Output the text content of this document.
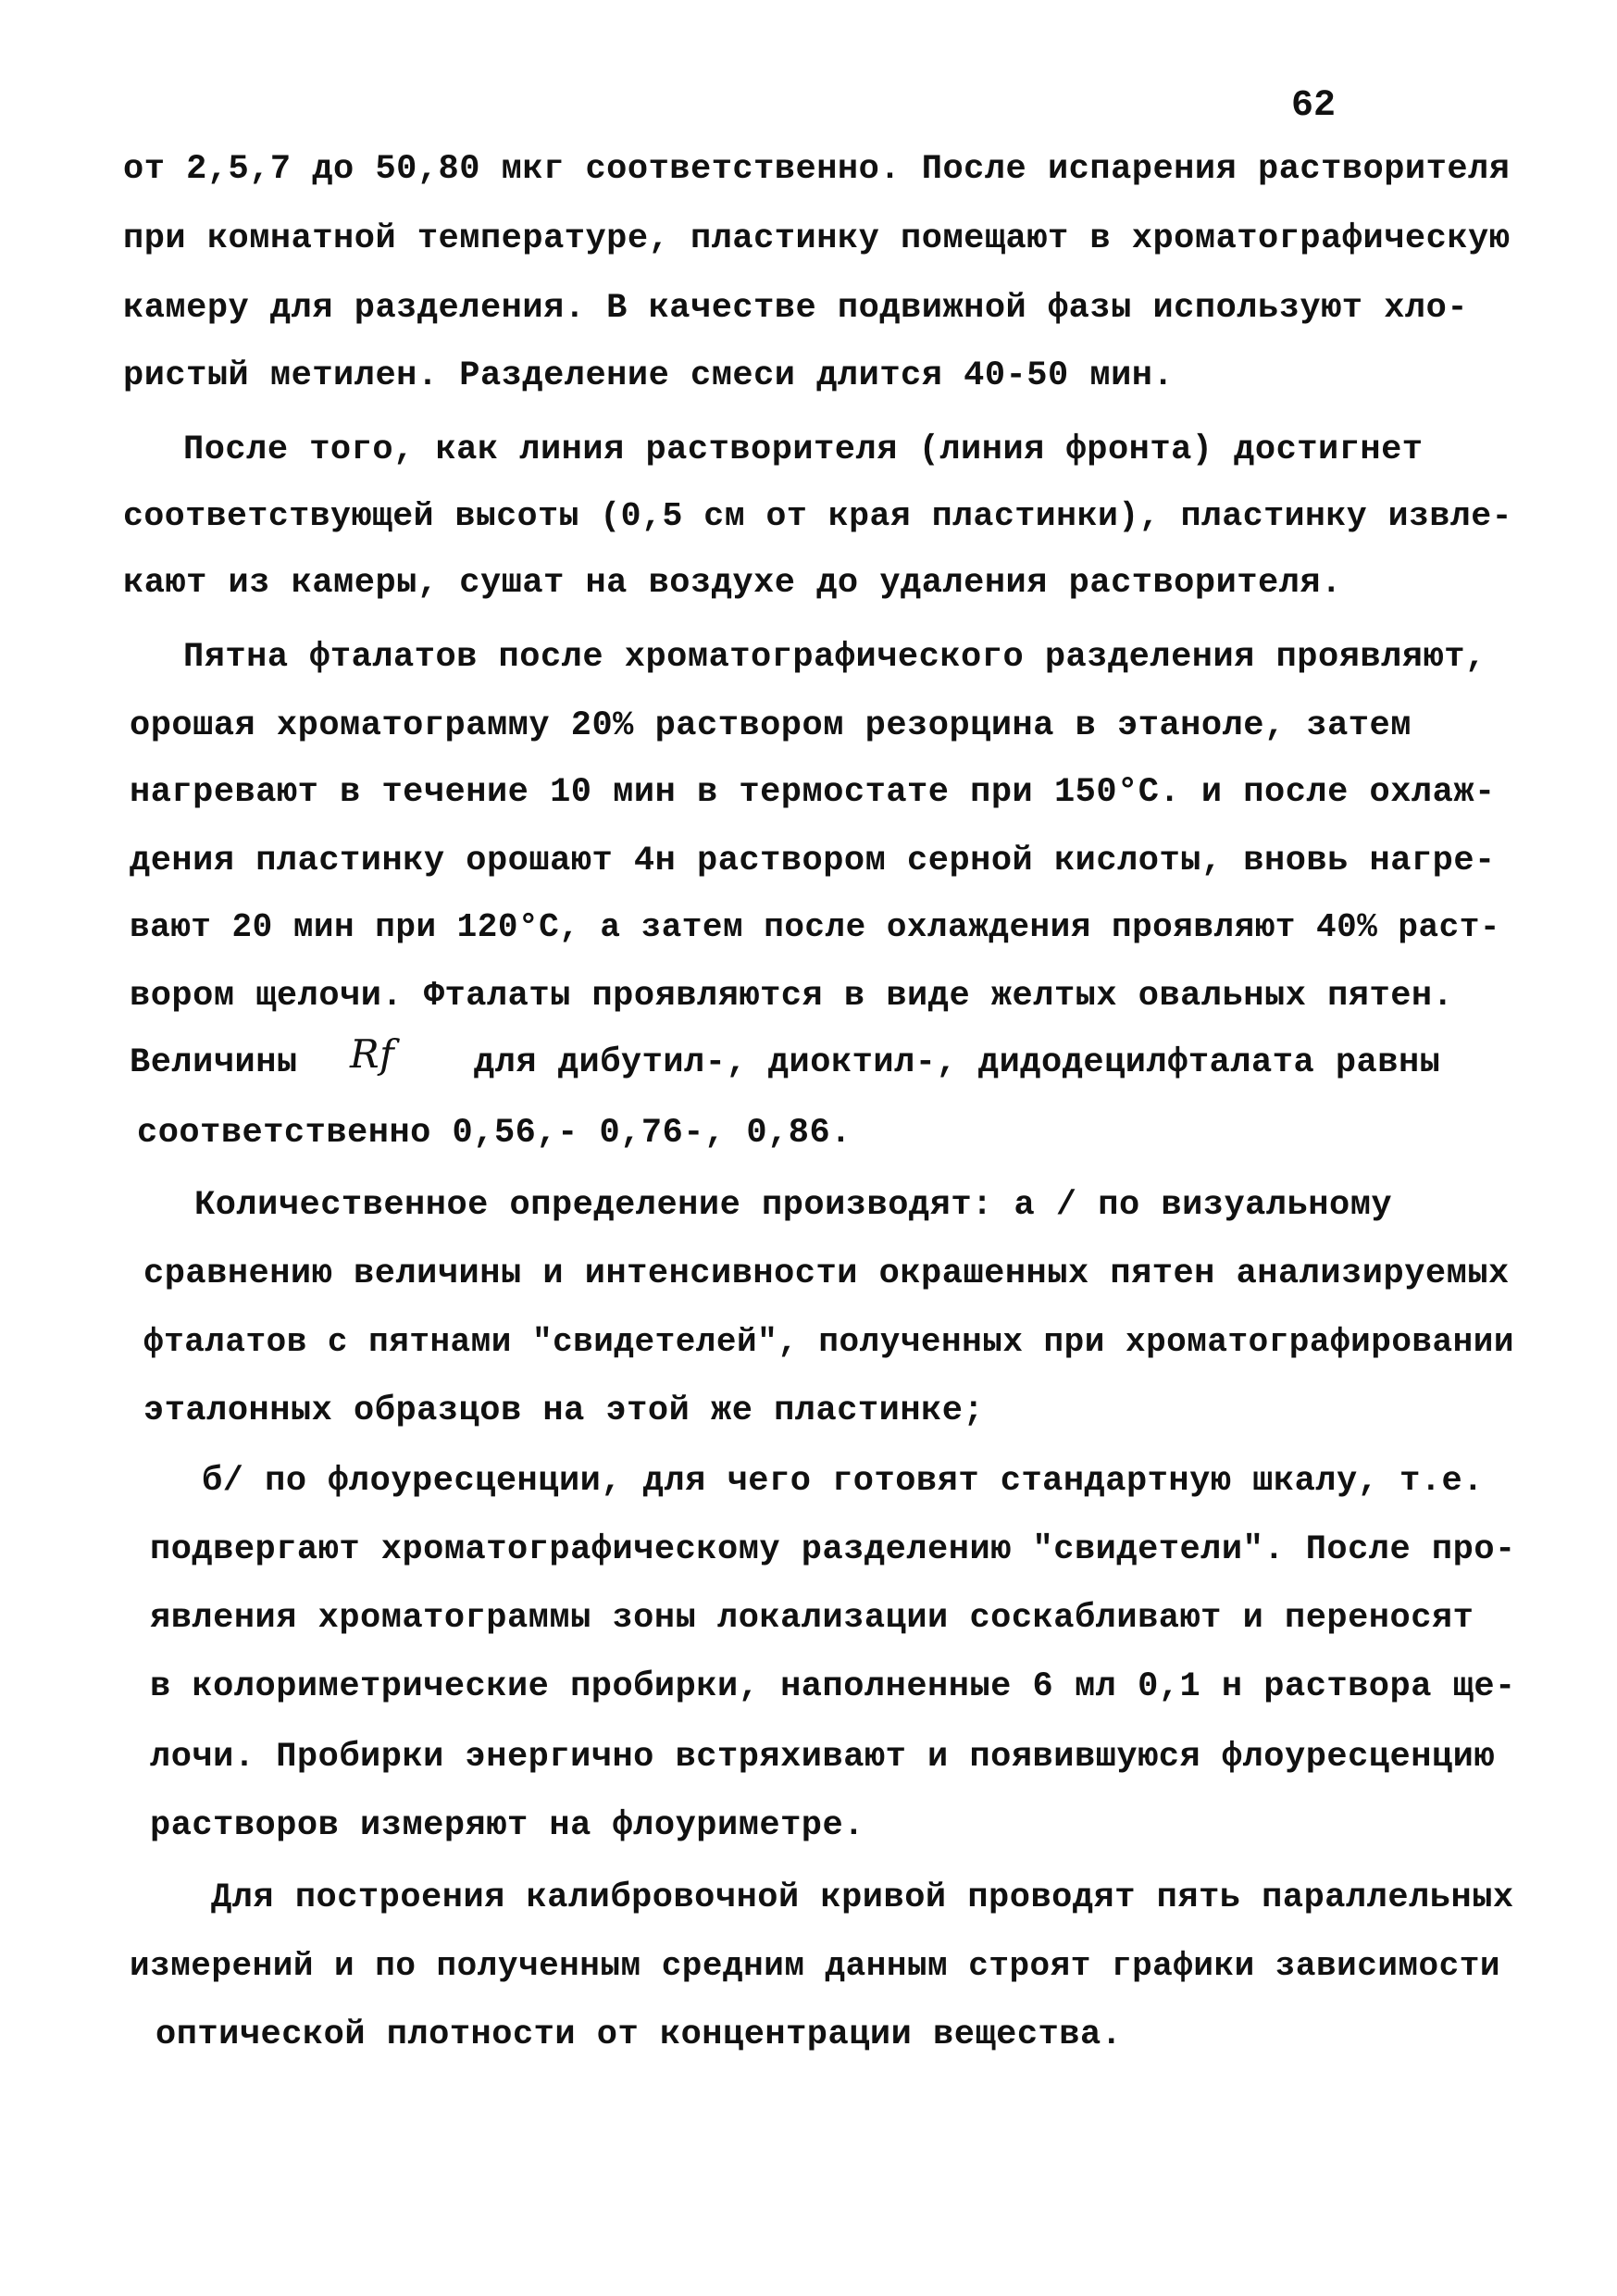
62
от 2,5,7 до 50,80 мкг соответственно. После испарения растворителя
при комнатной температуре, пластинку помещают в хроматографическую
камеру для разделения. В качестве подвижной фазы используют хло-
ристый метилен. Разделение смеси длится 40-50 мин.
После того, как линия растворителя (линия фронта) достигнет
соответствующей высоты (0,5 см от края пластинки), пластинку извле-
кают из камеры, сушат на воздухе до удаления растворителя.
Пятна фталатов после хроматографического разделения проявляют,
орошая хроматограмму 20% раствором резорцина в этаноле, затем
нагревают в течение 10 мин в термостате при 150°С. и после охлаж-
дения пластинку орошают 4н раствором серной кислоты, вновь нагре-
вают 20 мин при 120°С, а затем после охлаждения проявляют 40% раст-
вором щелочи. Фталаты проявляются в виде желтых овальных пятен.
Величины Rf для дибутил-, диоктил-, дидодецилфталата равны
соответственно 0,56,- 0,76-, 0,86.
Количественное определение производят: а / по визуальному
сравнению величины и интенсивности окрашенных пятен анализируемых
фталатов с пятнами "свидетелей", полученных при хроматографировании
эталонных образцов на этой же пластинке;
б/ по флоуресценции, для чего готовят стандартную шкалу, т.е.
подвергают хроматографическому разделению "свидетели". После про-
явления хроматограммы зоны локализации соскабливают и переносят
в колориметрические пробирки, наполненные 6 мл 0,1 н раствора ще-
лочи. Пробирки энергично встряхивают и появившуюся флоуресценцию
растворов измеряют на флоуриметре.
Для построения калибровочной кривой проводят пять параллельных
измерений и по полученным средним данным строят графики зависимости
оптической плотности от концентрации вещества.
